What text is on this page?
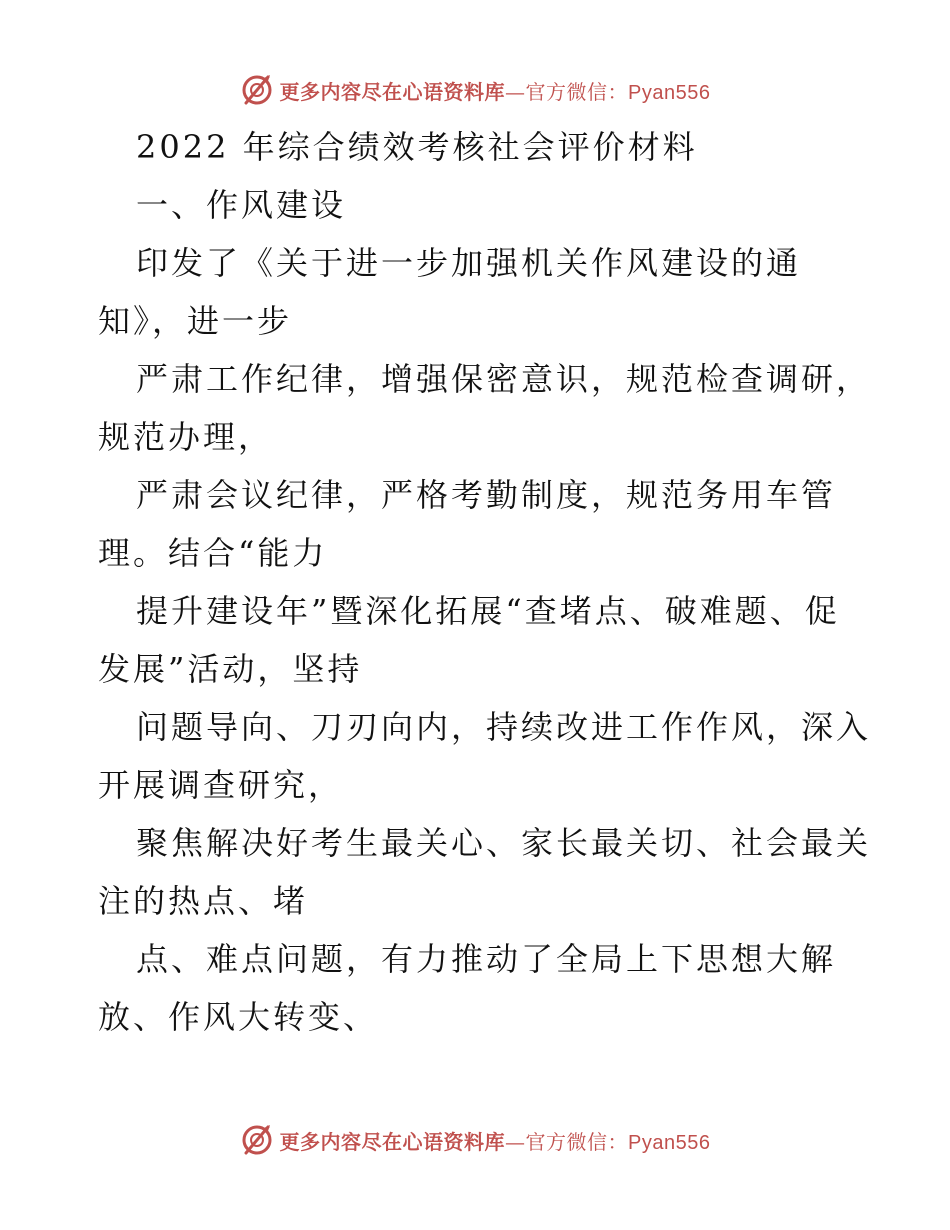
更多内容尽在心语资料库—官方微信：Pyan556
2022 年综合绩效考核社会评价材料
一、作风建设
印发了《关于进一步加强机关作风建设的通
知》，进一步
严肃工作纪律，增强保密意识，规范检查调研，
规范办理，
严肃会议纪律，严格考勤制度，规范务用车管
理。结合“能力
提升建设年”暨深化拓展“查堵点、破难题、促
发展”活动，坚持
问题导向、刀刃向内，持续改进工作作风，深入
开展调查研究，
聚焦解决好考生最关心、家长最关切、社会最关
注的热点、堵
点、难点问题，有力推动了全局上下思想大解
放、作风大转变、
更多内容尽在心语资料库—官方微信：Pyan556
